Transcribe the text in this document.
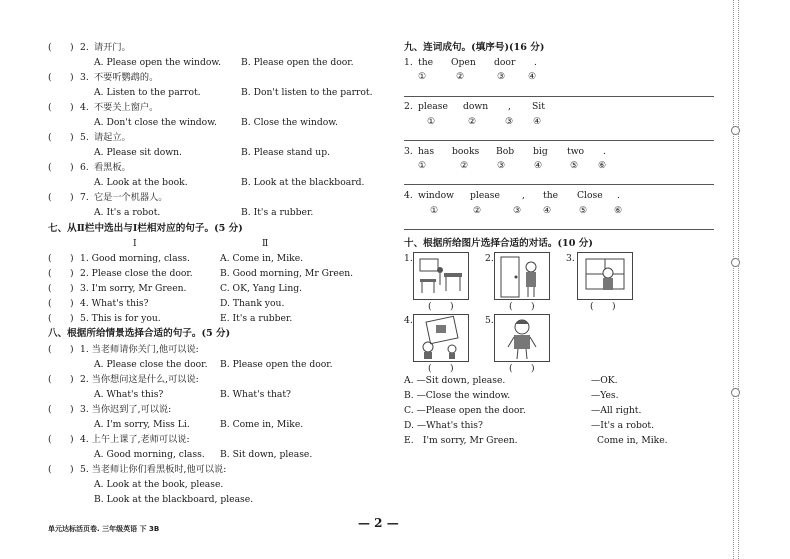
(　　) 2. 请开门。
A. Please open the window. B. Please open the door.
(　　) 3. 不要听鹦鹉的。
A. Listen to the parrot.	B. Don't listen to the parrot.
(　　) 4. 不要关上窗户。
A. Don't close the window.	B. Close the window.
(　　) 5. 请起立。
A. Please sit down.	B. Please stand up.
(　　) 6. 看黑板。
A. Look at the book.	B. Look at the blackboard.
(　　) 7. 它是一个机器人。
A. It's a robot.	B. It's a rubber.
七、从Ⅱ栏中选出与Ⅰ栏相对应的句子。(5 分)
Ⅰ	Ⅱ
(　　) 1. Good morning, class.	A. Come in, Mike.
(　　) 2. Please close the door.	B. Good morning, Mr Green.
(　　) 3. I'm sorry, Mr Green.	C. OK, Yang Ling.
(　　) 4. What's this?	D. Thank you.
(　　) 5. This is for you.	E. It's a rubber.
八、根据所给情景选择合适的句子。(5 分)
(　　) 1. 当老师请你关门,他可以说:
A. Please close the door. B. Please open the door.
(　　) 2. 当你想问这是什么,可以说:
A. What's this?	B. What's that?
(　　) 3. 当你迟到了,可以说:
A. I'm sorry, Miss Li.	B. Come in, Mike.
(　　) 4. 上午上课了,老师可以说:
A. Good morning, class. B. Sit down, please.
(　　) 5. 当老师让你们看黑板时,他可以说:
A. Look at the book, please.
B. Look at the blackboard, please.
九、连词成句。(填序号)(16 分)
1. the Open door .
①	②	③ ④
2. please down , Sit
①	②	③ ④
3. has books Bob big two .
①	②	③	④	⑤ ⑥
4. window please , the Close .
①	②	③ ④	⑤	⑥
十、根据所给图片选择合适的对话。(10 分)
1.
(　　)
2.
(　　)
3.
(　　)
4.
(　　)
5.
(　　)
A. —Sit down, please.	—OK.
B. —Close the window.	—Yes.
C. —Please open the door.	—All right.
D. —What's this?	—It's a robot.
E.　I'm sorry, Mr Green.	Come in, Mike.
单元达标活页卷. 三年级英语 下 3B	— 2 —
